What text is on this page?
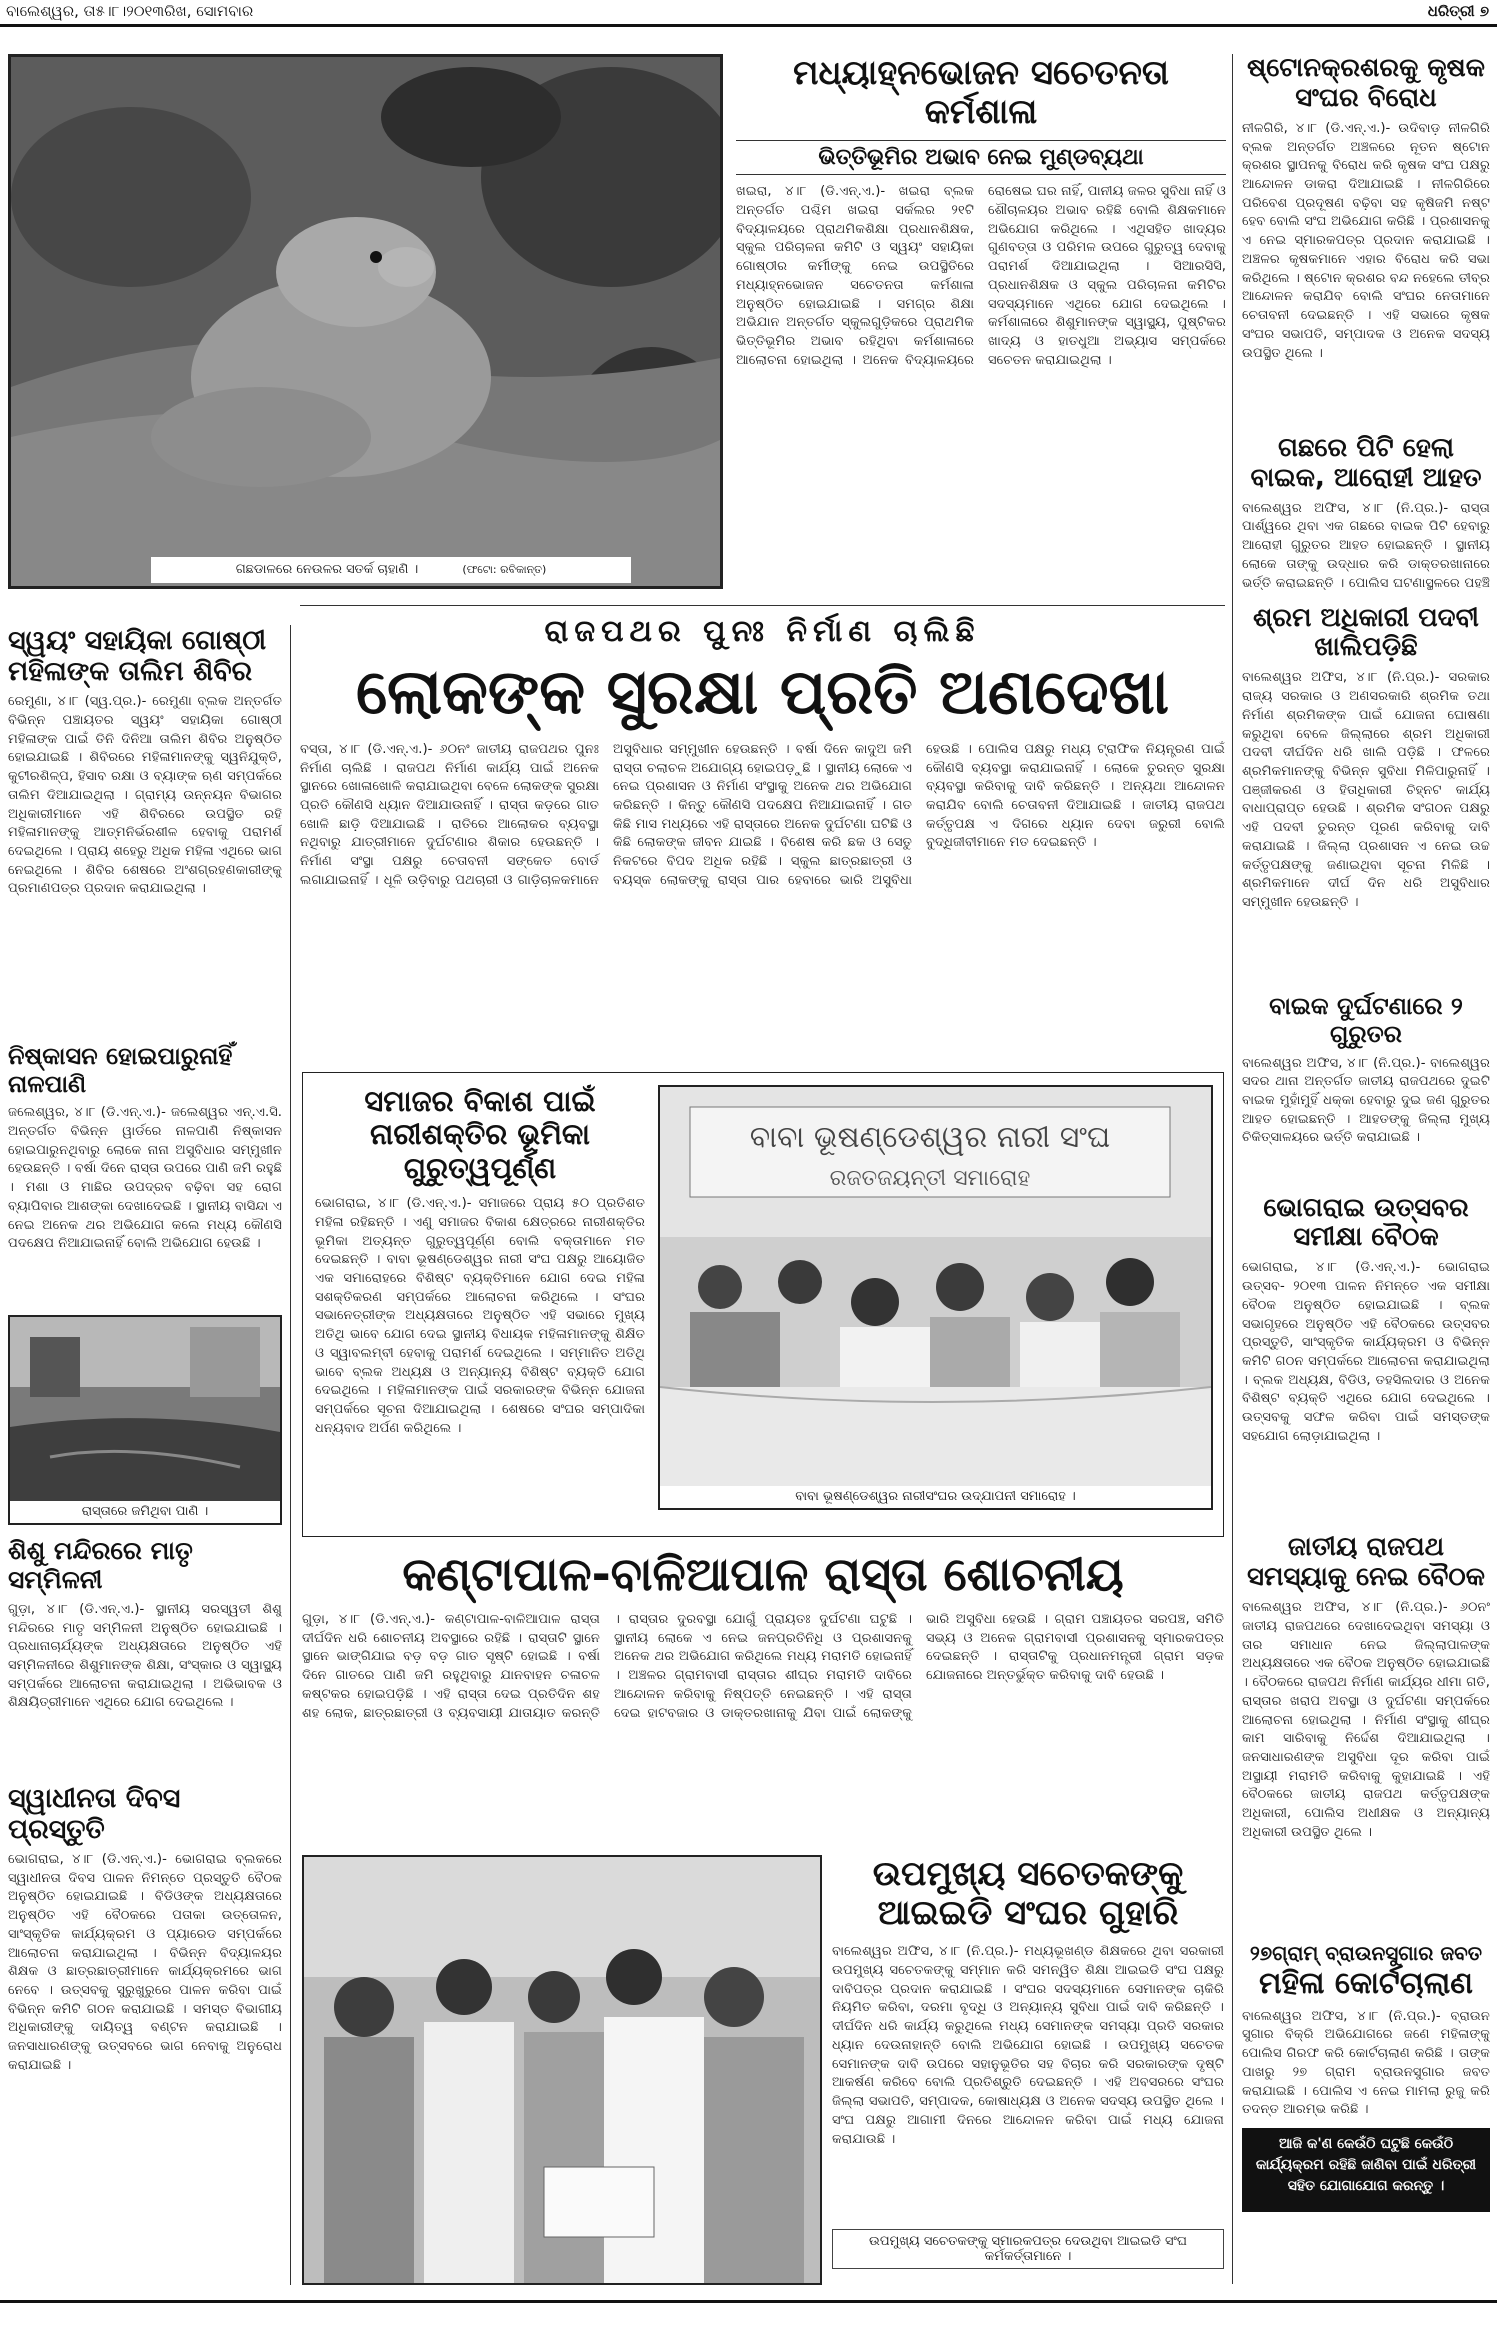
ବାଲେଶ୍ୱର, ତା୫।୮।୨୦୧୩ରିଖ, ସୋମବାର	ଧରିତ୍ରୀ ୭
ଗଛଡାଳରେ ନେଉଳର ସତର୍କ ଚାହାଣି ।	(ଫଟୋ: ରବିକାନ୍ତ)
ମଧ୍ୟାହ୍ନଭୋଜନ ସଚେତନତା କର୍ମଶାଳା
ଭିତ୍ତିଭୂମିର ଅଭାବ ନେଇ ମୁଣ୍ଡବ୍ୟଥା
ଖଇରା, ୪।୮ (ଡି.ଏନ୍.ଏ.)- ଖଇରା ବ୍ଲକ ଅନ୍ତର୍ଗତ ପଶ୍ଚିମ ଖଇରା ସର୍କଲର ୨୧ଟି ବିଦ୍ୟାଳୟରେ ପ୍ରାଥମିକଶିକ୍ଷା ପ୍ରଧାନଶିକ୍ଷକ, ସ୍କୁଲ ପରିଚାଳନା କମିଟି ଓ ସ୍ୱୟଂ ସହାୟିକା ଗୋଷ୍ଠୀର କର୍ମୀଙ୍କୁ ନେଇ ଉପସ୍ଥିତିରେ ମଧ୍ୟାହ୍ନଭୋଜନ ସଚେତନତା କର୍ମଶାଳା ଅନୁଷ୍ଠିତ ହୋଇଯାଇଛି । ସମଗ୍ର ଶିକ୍ଷା ଅଭିଯାନ ଅନ୍ତର୍ଗତ ସ୍କୁଲଗୁଡ଼ିକରେ ପ୍ରାଥମିକ ଭିତ୍ତିଭୂମିର ଅଭାବ ରହିଥିବା କର୍ମଶାଳାରେ ଆଲୋଚନା ହୋଇଥିଲା । ଅନେକ ବିଦ୍ୟାଳୟରେ ରୋଷେଇ ଘର ନାହିଁ, ପାନୀୟ ଜଳର ସୁବିଧା ନାହିଁ ଓ ଶୌଚାଳୟର ଅଭାବ ରହିଛି ବୋଲି ଶିକ୍ଷକମାନେ ଅଭିଯୋଗ କରିଥିଲେ । ଏଥିସହିତ ଖାଦ୍ୟର ଗୁଣବତ୍ତା ଓ ପରିମଳ ଉପରେ ଗୁରୁତ୍ୱ ଦେବାକୁ ପରାମର୍ଶ ଦିଆଯାଇଥିଲା । ସିଆରସିସି, ପ୍ରଧାନଶିକ୍ଷକ ଓ ସ୍କୁଲ ପରିଚାଳନା କମିଟିର ସଦସ୍ୟମାନେ ଏଥିରେ ଯୋଗ ଦେଇଥିଲେ । କର୍ମଶାଳାରେ ଶିଶୁମାନଙ୍କ ସ୍ୱାସ୍ଥ୍ୟ, ପୁଷ୍ଟିକର ଖାଦ୍ୟ ଓ ହାତଧୁଆ ଅଭ୍ୟାସ ସମ୍ପର୍କରେ ସଚେତନ କରାଯାଇଥିଲା ।
ଷ୍ଟୋନକ୍ରଶରକୁ କୃଷକ ସଂଘର ବିରୋଧ
ନୀଳଗିରି, ୪।୮ (ଡି.ଏନ୍.ଏ.)- ଉଦିବାଡ଼ ନୀଳଗିରି ବ୍ଲକ ଅନ୍ତର୍ଗତ ଅଞ୍ଚଳରେ ନୂତନ ଷ୍ଟୋନ କ୍ରଶର ସ୍ଥାପନକୁ ବିରୋଧ କରି କୃଷକ ସଂଘ ପକ୍ଷରୁ ଆନ୍ଦୋଳନ ଡାକରା ଦିଆଯାଇଛି । ନୀଳଗିରିରେ ପରିବେଶ ପ୍ରଦୂଷଣ ବଢ଼ିବା ସହ କୃଷିଜମି ନଷ୍ଟ ହେବ ବୋଲି ସଂଘ ଅଭିଯୋଗ କରିଛି । ପ୍ରଶାସନକୁ ଏ ନେଇ ସ୍ମାରକପତ୍ର ପ୍ରଦାନ କରାଯାଇଛି । ଅଞ୍ଚଳର କୃଷକମାନେ ଏହାର ବିରୋଧ କରି ସଭା କରିଥିଲେ । ଷ୍ଟୋନ କ୍ରଶର ବନ୍ଦ ନହେଲେ ତୀବ୍ର ଆନ୍ଦୋଳନ କରାଯିବ ବୋଲି ସଂଘର ନେତାମାନେ ଚେତାବନୀ ଦେଇଛନ୍ତି । ଏହି ସଭାରେ କୃଷକ ସଂଘର ସଭାପତି, ସମ୍ପାଦକ ଓ ଅନେକ ସଦସ୍ୟ ଉପସ୍ଥିତ ଥିଲେ ।
ଗଛରେ ପିଟି ହେଲା ବାଇକ, ଆରୋହୀ ଆହତ
ବାଲେଶ୍ୱର ଅଫିସ, ୪।୮ (ନି.ପ୍ର.)- ରାସ୍ତା ପାର୍ଶ୍ୱରେ ଥିବା ଏକ ଗଛରେ ବାଇକ ପିଟି ହେବାରୁ ଆରୋହୀ ଗୁରୁତର ଆହତ ହୋଇଛନ୍ତି । ସ୍ଥାନୀୟ ଲୋକେ ତାଙ୍କୁ ଉଦ୍ଧାର କରି ଡାକ୍ତରଖାନାରେ ଭର୍ତ୍ତି କରାଇଛନ୍ତି । ପୋଲିସ ଘଟଣାସ୍ଥଳରେ ପହଞ୍ଚି
ଶ୍ରମ ଅଧିକାରୀ ପଦବୀ ଖାଲିପଡ଼ିଛି
ବାଲେଶ୍ୱର ଅଫିସ, ୪।୮ (ନି.ପ୍ର.)- ସରକାର ରାଜ୍ୟ ସରକାର ଓ ଅଣସରକାରି ଶ୍ରମିକ ତଥା ନିର୍ମାଣ ଶ୍ରମିକଙ୍କ ପାଇଁ ଯୋଜନା ଘୋଷଣା କରୁଥିବା ବେଳେ ଜିଲ୍ଲାରେ ଶ୍ରମ ଅଧିକାରୀ ପଦବୀ ଦୀର୍ଘଦିନ ଧରି ଖାଲି ପଡ଼ିଛି । ଫଳରେ ଶ୍ରମିକମାନଙ୍କୁ ବିଭିନ୍ନ ସୁବିଧା ମିଳିପାରୁନାହିଁ । ପଞ୍ଜୀକରଣ ଓ ହିତାଧିକାରୀ ଚିହ୍ନଟ କାର୍ଯ୍ୟ ବାଧାପ୍ରାପ୍ତ ହେଉଛି । ଶ୍ରମିକ ସଂଗଠନ ପକ୍ଷରୁ ଏହି ପଦବୀ ତୁରନ୍ତ ପୂରଣ କରିବାକୁ ଦାବି କରାଯାଇଛି । ଜିଲ୍ଲା ପ୍ରଶାସନ ଏ ନେଇ ଉଚ୍ଚ କର୍ତ୍ତୃପକ୍ଷଙ୍କୁ ଜଣାଇଥିବା ସୂଚନା ମିଳିଛି । ଶ୍ରମିକମାନେ ଦୀର୍ଘ ଦିନ ଧରି ଅସୁବିଧାର ସମ୍ମୁଖୀନ ହେଉଛନ୍ତି ।
ବାଇକ ଦୁର୍ଘଟଣାରେ ୨ ଗୁରୁତର
ବାଲେଶ୍ୱର ଅଫିସ, ୪।୮ (ନି.ପ୍ର.)- ବାଲେଶ୍ୱର ସଦର ଥାନା ଅନ୍ତର୍ଗତ ଜାତୀୟ ରାଜପଥରେ ଦୁଇଟି ବାଇକ ମୁହାଁମୁହିଁ ଧକ୍କା ହେବାରୁ ଦୁଇ ଜଣ ଗୁରୁତର ଆହତ ହୋଇଛନ୍ତି । ଆହତଙ୍କୁ ଜିଲ୍ଲା ମୁଖ୍ୟ ଚିକିତ୍ସାଳୟରେ ଭର୍ତ୍ତି କରାଯାଇଛି ।
ଭୋଗରାଇ ଉତ୍ସବର ସମୀକ୍ଷା ବୈଠକ
ଭୋଗରାଇ, ୪।୮ (ଡି.ଏନ୍.ଏ.)- ଭୋଗରାଇ ଉତ୍ସବ- ୨୦୧୩ ପାଳନ ନିମନ୍ତେ ଏକ ସମୀକ୍ଷା ବୈଠକ ଅନୁଷ୍ଠିତ ହୋଇଯାଇଛି । ବ୍ଲକ ସଭାଗୃହରେ ଅନୁଷ୍ଠିତ ଏହି ବୈଠକରେ ଉତ୍ସବର ପ୍ରସ୍ତୁତି, ସାଂସ୍କୃତିକ କାର୍ଯ୍ୟକ୍ରମ ଓ ବିଭିନ୍ନ କମିଟି ଗଠନ ସମ୍ପର୍କରେ ଆଲୋଚନା କରାଯାଇଥିଲା । ବ୍ଲକ ଅଧ୍ୟକ୍ଷ, ବିଡିଓ, ତହସିଲଦାର ଓ ଅନେକ ବିଶିଷ୍ଟ ବ୍ୟକ୍ତି ଏଥିରେ ଯୋଗ ଦେଇଥିଲେ । ଉତ୍ସବକୁ ସଫଳ କରିବା ପାଇଁ ସମସ୍ତଙ୍କ ସହଯୋଗ ଲୋଡ଼ାଯାଇଥିଲା ।
ଜାତୀୟ ରାଜପଥ ସମସ୍ୟାକୁ ନେଇ ବୈଠକ
ବାଲେଶ୍ୱର ଅଫିସ, ୪।୮ (ନି.ପ୍ର.)- ୬୦ନଂ ଜାତୀୟ ରାଜପଥରେ ଦେଖାଦେଇଥିବା ସମସ୍ୟା ଓ ତାର ସମାଧାନ ନେଇ ଜିଲ୍ଲାପାଳଙ୍କ ଅଧ୍ୟକ୍ଷତାରେ ଏକ ବୈଠକ ଅନୁଷ୍ଠିତ ହୋଇଯାଇଛି । ବୈଠକରେ ରାଜପଥ ନିର୍ମାଣ କାର୍ଯ୍ୟର ଧୀମା ଗତି, ରାସ୍ତାର ଖରାପ ଅବସ୍ଥା ଓ ଦୁର୍ଘଟଣା ସମ୍ପର୍କରେ ଆଲୋଚନା ହୋଇଥିଲା । ନିର୍ମାଣ ସଂସ୍ଥାକୁ ଶୀଘ୍ର କାମ ସାରିବାକୁ ନିର୍ଦ୍ଦେଶ ଦିଆଯାଇଥିଲା । ଜନସାଧାରଣଙ୍କ ଅସୁବିଧା ଦୂର କରିବା ପାଇଁ ଅସ୍ଥାୟୀ ମରାମତି କରିବାକୁ କୁହାଯାଇଛି । ଏହି ବୈଠକରେ ଜାତୀୟ ରାଜପଥ କର୍ତ୍ତୃପକ୍ଷଙ୍କ ଅଧିକାରୀ, ପୋଲିସ ଅଧୀକ୍ଷକ ଓ ଅନ୍ୟାନ୍ୟ ଅଧିକାରୀ ଉପସ୍ଥିତ ଥିଲେ ।
୨୭ଗ୍ରାମ୍ ବ୍ରାଉନସୁଗାର ଜବତ
ମହିଳା କୋର୍ଟଚାଲାଣ
ବାଲେଶ୍ୱର ଅଫିସ, ୪।୮ (ନି.ପ୍ର.)- ବ୍ରାଉନ ସୁଗାର ବିକ୍ରି ଅଭିଯୋଗରେ ଜଣେ ମହିଳାଙ୍କୁ ପୋଲିସ ଗିରଫ କରି କୋର୍ଟଚାଲାଣ କରିଛି । ତାଙ୍କ ପାଖରୁ ୨୭ ଗ୍ରାମ ବ୍ରାଉନସୁଗାର ଜବତ କରାଯାଇଛି । ପୋଲିସ ଏ ନେଇ ମାମଲା ରୁଜୁ କରି ତଦନ୍ତ ଆରମ୍ଭ କରିଛି ।
ଆଜି କ'ଣ କେଉଁଠି ଘଟୁଛି କେଉଁଠି କାର୍ଯ୍ୟକ୍ରମ ରହିଛି ଜାଣିବା ପାଇଁ ଧରିତ୍ରୀ ସହିତ ଯୋଗାଯୋଗ କରନ୍ତୁ ।
ରାଜପଥର ପୁନଃ ନିର୍ମାଣ ଚାଲିଛି
ଲୋକଙ୍କ ସୁରକ୍ଷା ପ୍ରତି ଅଣଦେଖା
ବସ୍ତା, ୪।୮ (ଡି.ଏନ୍.ଏ.)- ୬୦ନଂ ଜାତୀୟ ରାଜପଥର ପୁନଃ ନିର୍ମାଣ ଚାଲିଛି । ରାଜପଥ ନିର୍ମାଣ କାର୍ଯ୍ୟ ପାଇଁ ଅନେକ ସ୍ଥାନରେ ଖୋଳାଖୋଳି କରାଯାଇଥିବା ବେଳେ ଲୋକଙ୍କ ସୁରକ୍ଷା ପ୍ରତି କୌଣସି ଧ୍ୟାନ ଦିଆଯାଉନାହିଁ । ରାସ୍ତା କଡ଼ରେ ଗାତ ଖୋଳି ଛାଡ଼ି ଦିଆଯାଇଛି । ରାତିରେ ଆଲୋକର ବ୍ୟବସ୍ଥା ନଥିବାରୁ ଯାତ୍ରୀମାନେ ଦୁର୍ଘଟଣାର ଶିକାର ହେଉଛନ୍ତି । ନିର୍ମାଣ ସଂସ୍ଥା ପକ୍ଷରୁ ଚେତାବନୀ ସଙ୍କେତ ବୋର୍ଡ ଲଗାଯାଇନାହିଁ । ଧୂଳି ଉଡ଼ିବାରୁ ପଥଚାରୀ ଓ ଗାଡ଼ିଚାଳକମାନେ ଅସୁବିଧାର ସମ୍ମୁଖୀନ ହେଉଛନ୍ତି । ବର୍ଷା ଦିନେ କାଦୁଅ ଜମି ରାସ୍ତା ଚଲାଚଳ ଅଯୋଗ୍ୟ ହୋଇପଡ଼ୁଛି । ସ୍ଥାନୀୟ ଲୋକେ ଏ ନେଇ ପ୍ରଶାସନ ଓ ନିର୍ମାଣ ସଂସ୍ଥାକୁ ଅନେକ ଥର ଅଭିଯୋଗ କରିଛନ୍ତି । କିନ୍ତୁ କୌଣସି ପଦକ୍ଷେପ ନିଆଯାଇନାହିଁ । ଗତ କିଛି ମାସ ମଧ୍ୟରେ ଏହି ରାସ୍ତାରେ ଅନେକ ଦୁର୍ଘଟଣା ଘଟିଛି ଓ କିଛି ଲୋକଙ୍କ ଜୀବନ ଯାଇଛି । ବିଶେଷ କରି ଛକ ଓ ସେତୁ ନିକଟରେ ବିପଦ ଅଧିକ ରହିଛି । ସ୍କୁଲ ଛାତ୍ରଛାତ୍ରୀ ଓ ବୟସ୍କ ଲୋକଙ୍କୁ ରାସ୍ତା ପାର ହେବାରେ ଭାରି ଅସୁବିଧା ହେଉଛି । ପୋଲିସ ପକ୍ଷରୁ ମଧ୍ୟ ଟ୍ରାଫିକ ନିୟନ୍ତ୍ରଣ ପାଇଁ କୌଣସି ବ୍ୟବସ୍ଥା କରାଯାଇନାହିଁ । ଲୋକେ ତୁରନ୍ତ ସୁରକ୍ଷା ବ୍ୟବସ୍ଥା କରିବାକୁ ଦାବି କରିଛନ୍ତି । ଅନ୍ୟଥା ଆନ୍ଦୋଳନ କରାଯିବ ବୋଲି ଚେତାବନୀ ଦିଆଯାଇଛି । ଜାତୀୟ ରାଜପଥ କର୍ତ୍ତୃପକ୍ଷ ଏ ଦିଗରେ ଧ୍ୟାନ ଦେବା ଜରୁରୀ ବୋଲି ବୁଦ୍ଧିଜୀବୀମାନେ ମତ ଦେଇଛନ୍ତି ।
ସ୍ୱୟଂ ସହାୟିକା ଗୋଷ୍ଠୀ ମହିଳାଙ୍କ ତାଲିମ ଶିବିର
ରେମୁଣା, ୪।୮ (ସ୍ୱ.ପ୍ର.)- ରେମୁଣା ବ୍ଲକ ଅନ୍ତର୍ଗତ ବିଭିନ୍ନ ପଞ୍ଚାୟତର ସ୍ୱୟଂ ସହାୟିକା ଗୋଷ୍ଠୀ ମହିଳାଙ୍କ ପାଇଁ ତିନି ଦିନିଆ ତାଲିମ ଶିବିର ଅନୁଷ୍ଠିତ ହୋଇଯାଇଛି । ଶିବିରରେ ମହିଳାମାନଙ୍କୁ ସ୍ୱନିଯୁକ୍ତି, କୁଟୀରଶିଳ୍ପ, ହିସାବ ରକ୍ଷା ଓ ବ୍ୟାଙ୍କ ଋଣ ସମ୍ପର୍କରେ ତାଲିମ ଦିଆଯାଇଥିଲା । ଗ୍ରାମ୍ୟ ଉନ୍ନୟନ ବିଭାଗର ଅଧିକାରୀମାନେ ଏହି ଶିବିରରେ ଉପସ୍ଥିତ ରହି ମହିଳାମାନଙ୍କୁ ଆତ୍ମନିର୍ଭରଶୀଳ ହେବାକୁ ପରାମର୍ଶ ଦେଇଥିଲେ । ପ୍ରାୟ ଶହେରୁ ଅଧିକ ମହିଳା ଏଥିରେ ଭାଗ ନେଇଥିଲେ । ଶିବିର ଶେଷରେ ଅଂଶଗ୍ରହଣକାରୀଙ୍କୁ ପ୍ରମାଣପତ୍ର ପ୍ରଦାନ କରାଯାଇଥିଲା ।
ନିଷ୍କାସନ ହୋଇପାରୁନାହିଁ ନାଳପାଣି
ଜଲେଶ୍ୱର, ୪।୮ (ଡି.ଏନ୍.ଏ.)- ଜଲେଶ୍ୱର ଏନ୍.ଏ.ସି. ଅନ୍ତର୍ଗତ ବିଭିନ୍ନ ୱାର୍ଡରେ ନାଳପାଣି ନିଷ୍କାସନ ହୋଇପାରୁନଥିବାରୁ ଲୋକେ ନାନା ଅସୁବିଧାର ସମ୍ମୁଖୀନ ହେଉଛନ୍ତି । ବର୍ଷା ଦିନେ ରାସ୍ତା ଉପରେ ପାଣି ଜମି ରହୁଛି । ମଶା ଓ ମାଛିର ଉପଦ୍ରବ ବଢ଼ିବା ସହ ରୋଗ ବ୍ୟାପିବାର ଆଶଙ୍କା ଦେଖାଦେଇଛି । ସ୍ଥାନୀୟ ବାସିନ୍ଦା ଏ ନେଇ ଅନେକ ଥର ଅଭିଯୋଗ କଲେ ମଧ୍ୟ କୌଣସି ପଦକ୍ଷେପ ନିଆଯାଇନାହିଁ ବୋଲି ଅଭିଯୋଗ ହେଉଛି ।
ରାସ୍ତାରେ ଜମିଥିବା ପାଣି ।
ଶିଶୁ ମନ୍ଦିରରେ ମାତୃ ସମ୍ମିଳନୀ
ଗୁଡ଼ା, ୪।୮ (ଡି.ଏନ୍.ଏ.)- ସ୍ଥାନୀୟ ସରସ୍ୱତୀ ଶିଶୁ ମନ୍ଦିରରେ ମାତୃ ସମ୍ମିଳନୀ ଅନୁଷ୍ଠିତ ହୋଇଯାଇଛି । ପ୍ରଧାନାଚାର୍ଯ୍ୟଙ୍କ ଅଧ୍ୟକ୍ଷତାରେ ଅନୁଷ୍ଠିତ ଏହି ସମ୍ମିଳନୀରେ ଶିଶୁମାନଙ୍କ ଶିକ୍ଷା, ସଂସ୍କାର ଓ ସ୍ୱାସ୍ଥ୍ୟ ସମ୍ପର୍କରେ ଆଲୋଚନା କରାଯାଇଥିଲା । ଅଭିଭାବକ ଓ ଶିକ୍ଷୟିତ୍ରୀମାନେ ଏଥିରେ ଯୋଗ ଦେଇଥିଲେ ।
ସ୍ୱାଧୀନତା ଦିବସ ପ୍ରସ୍ତୁତି
ଭୋଗରାଇ, ୪।୮ (ଡି.ଏନ୍.ଏ.)- ଭୋଗରାଇ ବ୍ଲକରେ ସ୍ୱାଧୀନତା ଦିବସ ପାଳନ ନିମନ୍ତେ ପ୍ରସ୍ତୁତି ବୈଠକ ଅନୁଷ୍ଠିତ ହୋଇଯାଇଛି । ବିଡିଓଙ୍କ ଅଧ୍ୟକ୍ଷତାରେ ଅନୁଷ୍ଠିତ ଏହି ବୈଠକରେ ପତାକା ଉତ୍ତୋଳନ, ସାଂସ୍କୃତିକ କାର୍ଯ୍ୟକ୍ରମ ଓ ପ୍ୟାରେଡ ସମ୍ପର୍କରେ ଆଲୋଚନା କରାଯାଇଥିଲା । ବିଭିନ୍ନ ବିଦ୍ୟାଳୟର ଶିକ୍ଷକ ଓ ଛାତ୍ରଛାତ୍ରୀମାନେ କାର୍ଯ୍ୟକ୍ରମରେ ଭାଗ ନେବେ । ଉତ୍ସବକୁ ସୁରୁଖୁରୁରେ ପାଳନ କରିବା ପାଇଁ ବିଭିନ୍ନ କମିଟି ଗଠନ କରାଯାଇଛି । ସମସ୍ତ ବିଭାଗୀୟ ଅଧିକାରୀଙ୍କୁ ଦାୟିତ୍ୱ ବଣ୍ଟନ କରାଯାଇଛି । ଜନସାଧାରଣଙ୍କୁ ଉତ୍ସବରେ ଭାଗ ନେବାକୁ ଅନୁରୋଧ କରାଯାଇଛି ।
ସମାଜର ବିକାଶ ପାଇଁ ନାରୀଶକ୍ତିର ଭୂମିକା ଗୁରୁତ୍ୱପୂର୍ଣ୍ଣ
ଭୋଗରାଇ, ୪।୮ (ଡି.ଏନ୍.ଏ.)- ସମାଜରେ ପ୍ରାୟ ୫୦ ପ୍ରତିଶତ ମହିଳା ରହିଛନ୍ତି । ଏଣୁ ସମାଜର ବିକାଶ କ୍ଷେତ୍ରରେ ନାରୀଶକ୍ତିର ଭୂମିକା ଅତ୍ୟନ୍ତ ଗୁରୁତ୍ୱପୂର୍ଣ୍ଣ ବୋଲି ବକ୍ତାମାନେ ମତ ଦେଇଛନ୍ତି । ବାବା ଭୂଷଣ୍ଡେଶ୍ୱର ନାରୀ ସଂଘ ପକ୍ଷରୁ ଆୟୋଜିତ ଏକ ସମାରୋହରେ ବିଶିଷ୍ଟ ବ୍ୟକ୍ତିମାନେ ଯୋଗ ଦେଇ ମହିଳା ସଶକ୍ତିକରଣ ସମ୍ପର୍କରେ ଆଲୋଚନା କରିଥିଲେ । ସଂଘର ସଭାନେତ୍ରୀଙ୍କ ଅଧ୍ୟକ୍ଷତାରେ ଅନୁଷ୍ଠିତ ଏହି ସଭାରେ ମୁଖ୍ୟ ଅତିଥି ଭାବେ ଯୋଗ ଦେଇ ସ୍ଥାନୀୟ ବିଧାୟକ ମହିଳାମାନଙ୍କୁ ଶିକ୍ଷିତ ଓ ସ୍ୱାବଲମ୍ବୀ ହେବାକୁ ପରାମର୍ଶ ଦେଇଥିଲେ । ସମ୍ମାନିତ ଅତିଥି ଭାବେ ବ୍ଲକ ଅଧ୍ୟକ୍ଷ ଓ ଅନ୍ୟାନ୍ୟ ବିଶିଷ୍ଟ ବ୍ୟକ୍ତି ଯୋଗ ଦେଇଥିଲେ । ମହିଳାମାନଙ୍କ ପାଇଁ ସରକାରଙ୍କ ବିଭିନ୍ନ ଯୋଜନା ସମ୍ପର୍କରେ ସୂଚନା ଦିଆଯାଇଥିଲା । ଶେଷରେ ସଂଘର ସମ୍ପାଦିକା ଧନ୍ୟବାଦ ଅର୍ପଣ କରିଥିଲେ ।
ବାବା ଭୂଷଣ୍ଡେଶ୍ୱର ନାରୀ ସଂଘ
ରଜତଜୟନ୍ତୀ ସମାରୋହ
ବାବା ଭୂଷଣ୍ଡେଶ୍ୱର ନାରୀସଂଘର ଉଦ୍‌ଯାପନୀ ସମାରୋହ ।
କଣ୍ଟାପାଳ-ବାଳିଆପାଳ ରାସ୍ତା ଶୋଚନୀୟ
ଗୁଡ଼ା, ୪।୮ (ଡି.ଏନ୍.ଏ.)- କଣ୍ଟାପାଳ-ବାଳିଆପାଳ ରାସ୍ତା ଦୀର୍ଘଦିନ ଧରି ଶୋଚନୀୟ ଅବସ୍ଥାରେ ରହିଛି । ରାସ୍ତାଟି ସ୍ଥାନେ ସ୍ଥାନେ ଭାଙ୍ଗିଯାଇ ବଡ଼ ବଡ଼ ଗାତ ସୃଷ୍ଟି ହୋଇଛି । ବର୍ଷା ଦିନେ ଗାତରେ ପାଣି ଜମି ରହୁଥିବାରୁ ଯାନବାହନ ଚଳାଚଳ କଷ୍ଟକର ହୋଇପଡ଼ିଛି । ଏହି ରାସ୍ତା ଦେଇ ପ୍ରତିଦିନ ଶହ ଶହ ଲୋକ, ଛାତ୍ରଛାତ୍ରୀ ଓ ବ୍ୟବସାୟୀ ଯାତାୟାତ କରନ୍ତି । ରାସ୍ତାର ଦୁରବସ୍ଥା ଯୋଗୁଁ ପ୍ରାୟତଃ ଦୁର୍ଘଟଣା ଘଟୁଛି । ସ୍ଥାନୀୟ ଲୋକେ ଏ ନେଇ ଜନପ୍ରତିନିଧି ଓ ପ୍ରଶାସନକୁ ଅନେକ ଥର ଅଭିଯୋଗ କରିଥିଲେ ମଧ୍ୟ ମରାମତି ହୋଇନାହିଁ । ଅଞ୍ଚଳର ଗ୍ରାମବାସୀ ରାସ୍ତାର ଶୀଘ୍ର ମରାମତି ଦାବିରେ ଆନ୍ଦୋଳନ କରିବାକୁ ନିଷ୍ପତ୍ତି ନେଇଛନ୍ତି । ଏହି ରାସ୍ତା ଦେଇ ହାଟବଜାର ଓ ଡାକ୍ତରଖାନାକୁ ଯିବା ପାଇଁ ଲୋକଙ୍କୁ ଭାରି ଅସୁବିଧା ହେଉଛି । ଗ୍ରାମ ପଞ୍ଚାୟତର ସରପଞ୍ଚ, ସମିତି ସଭ୍ୟ ଓ ଅନେକ ଗ୍ରାମବାସୀ ପ୍ରଶାସନକୁ ସ୍ମାରକପତ୍ର ଦେଇଛନ୍ତି । ରାସ୍ତାଟିକୁ ପ୍ରଧାନମନ୍ତ୍ରୀ ଗ୍ରାମ ସଡ଼କ ଯୋଜନାରେ ଅନ୍ତର୍ଭୁକ୍ତ କରିବାକୁ ଦାବି ହେଉଛି ।
ଉପମୁଖ୍ୟ ସଚେତକଙ୍କୁ ଆଇଇଡି ସଂଘର ଗୁହାରି
ବାଲେଶ୍ୱର ଅଫିସ, ୪।୮ (ନି.ପ୍ର.)- ମଧ୍ୟଭୂଖଣ୍ଡ ଶିକ୍ଷକରେ ଥିବା ସରକାରୀ ଉପମୁଖ୍ୟ ସଚେତକଙ୍କୁ ସମ୍ମାନ କରି ସମନ୍ୱିତ ଶିକ୍ଷା ଆଇଇଡି ସଂଘ ପକ୍ଷରୁ ଦାବିପତ୍ର ପ୍ରଦାନ କରାଯାଇଛି । ସଂଘର ସଦସ୍ୟମାନେ ସେମାନଙ୍କ ଚାକିରି ନିୟମିତ କରିବା, ଦରମା ବୃଦ୍ଧି ଓ ଅନ୍ୟାନ୍ୟ ସୁବିଧା ପାଇଁ ଦାବି କରିଛନ୍ତି । ଦୀର୍ଘଦିନ ଧରି କାର୍ଯ୍ୟ କରୁଥିଲେ ମଧ୍ୟ ସେମାନଙ୍କ ସମସ୍ୟା ପ୍ରତି ସରକାର ଧ୍ୟାନ ଦେଉନାହାନ୍ତି ବୋଲି ଅଭିଯୋଗ ହୋଇଛି । ଉପମୁଖ୍ୟ ସଚେତକ ସେମାନଙ୍କ ଦାବି ଉପରେ ସହାନୁଭୂତିର ସହ ବିଚାର କରି ସରକାରଙ୍କ ଦୃଷ୍ଟି ଆକର୍ଷଣ କରିବେ ବୋଲି ପ୍ରତିଶ୍ରୁତି ଦେଇଛନ୍ତି । ଏହି ଅବସରରେ ସଂଘର ଜିଲ୍ଲା ସଭାପତି, ସମ୍ପାଦକ, କୋଷାଧ୍ୟକ୍ଷ ଓ ଅନେକ ସଦସ୍ୟ ଉପସ୍ଥିତ ଥିଲେ । ସଂଘ ପକ୍ଷରୁ ଆଗାମୀ ଦିନରେ ଆନ୍ଦୋଳନ କରିବା ପାଇଁ ମଧ୍ୟ ଯୋଜନା କରାଯାଉଛି ।
ଉପମୁଖ୍ୟ ସଚେତକଙ୍କୁ ସ୍ମାରକପତ୍ର ଦେଉଥିବା ଆଇଇଡି ସଂଘ କର୍ମକର୍ତ୍ତାମାନେ ।
